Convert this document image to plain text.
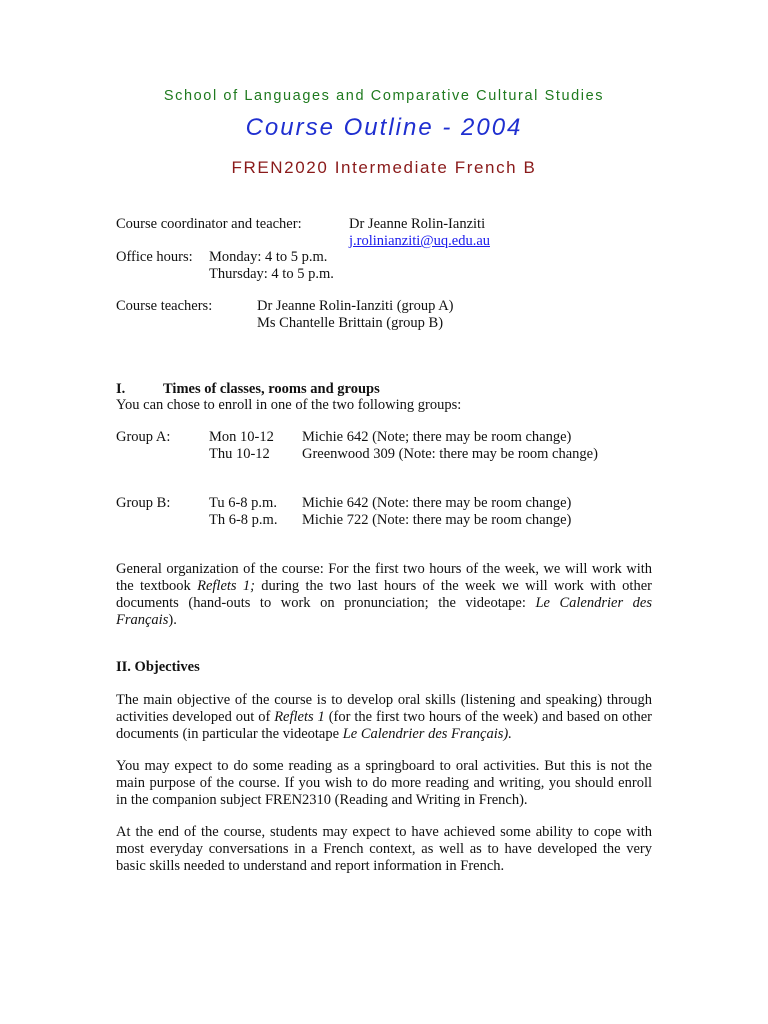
School of Languages and Comparative Cultural Studies
Course Outline - 2004
FREN2020 Intermediate French B
Course coordinator and teacher:	Dr Jeanne Rolin-Ianziti
j.rolinianziti@uq.edu.au
Office hours: Monday: 4 to 5 p.m.
Thursday: 4 to 5 p.m.
Course teachers:	Dr Jeanne Rolin-Ianziti (group A)
Ms Chantelle Brittain (group B)
I.	Times of classes, rooms and groups
You can chose to enroll in one of the two following groups:
Group A:	Mon 10-12 Michie 642 (Note; there may be room change)
Thu 10-12 Greenwood 309 (Note: there may be room change)
Group B:	Tu 6-8 p.m. Michie 642 (Note: there may be room change)
Th 6-8 p.m. Michie 722 (Note: there may be room change)
General organization of the course: For the first two hours of the week, we will work with the textbook Reflets 1; during the two last hours of the week we will work with other documents (hand-outs to work on pronunciation; the videotape: Le Calendrier des Français).
II. Objectives
The main objective of the course is to develop oral skills (listening and speaking) through activities developed out of Reflets 1 (for the first two hours of the week) and based on other documents (in particular the videotape Le Calendrier des Français).
You may expect to do some reading as a springboard to oral activities. But this is not the main purpose of the course. If you wish to do more reading and writing, you should enroll in the companion subject FREN2310 (Reading and Writing in French).
At the end of the course, students may expect to have achieved some ability to cope with most everyday conversations in a French context, as well as to have developed the very basic skills needed to understand and report information in French.
